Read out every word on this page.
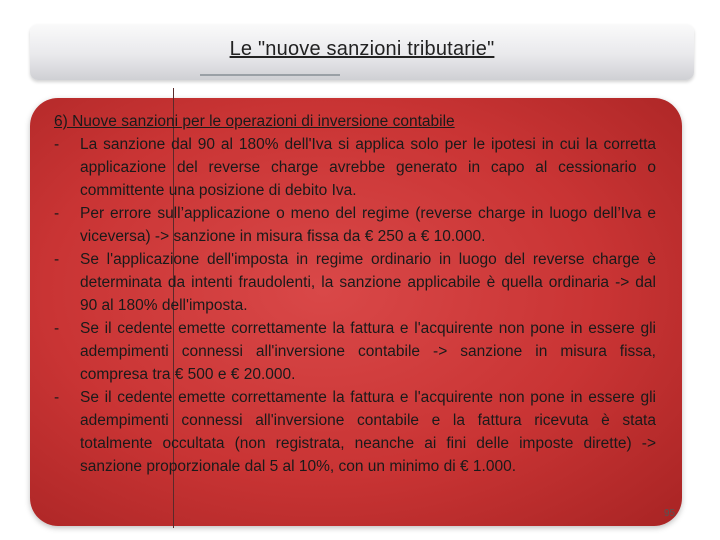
Le "nuove sanzioni tributarie"
6) Nuove sanzioni per le operazioni di inversione contabile
-	La sanzione dal 90 al 180% dell'Iva si applica solo per le ipotesi in cui la corretta applicazione del reverse charge avrebbe generato in capo al cessionario o committente una posizione di debito Iva.
-	Per errore sull’applicazione o meno del regime (reverse charge in luogo dell’Iva e viceversa) -> sanzione in misura fissa da € 250 a € 10.000.
-	Se l'applicazione dell'imposta in regime ordinario in luogo del reverse charge è determinata da intenti fraudolenti, la sanzione applicabile è quella ordinaria -> dal 90 al 180% dell'imposta.
-	Se il cedente emette correttamente la fattura e l'acquirente non pone in essere gli adempimenti connessi all'inversione contabile -> sanzione in misura fissa, compresa tra € 500 e € 20.000.
-	Se il cedente emette correttamente la fattura e l'acquirente non pone in essere gli adempimenti connessi all'inversione contabile e la fattura ricevuta è stata totalmente occultata (non registrata, neanche ai fini delle imposte dirette) -> sanzione proporzionale dal 5 al 10%, con un minimo di € 1.000.
95
